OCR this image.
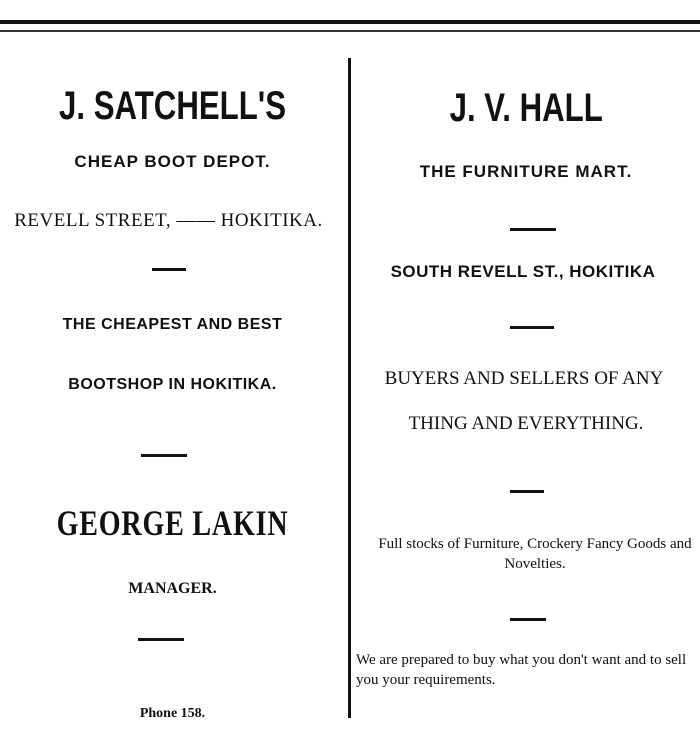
J. SATCHELL'S
CHEAP BOOT DEPOT.
REVELL STREET, —— HOKITIKA.
THE CHEAPEST AND BEST
BOOTSHOP IN HOKITIKA.
GEORGE LAKIN
MANAGER.
Phone 158.
J. V. HALL
THE FURNITURE MART.
SOUTH REVELL ST., HOKITIKA
BUYERS AND SELLERS OF ANY
THING AND EVERYTHING.
Full stocks of Furniture, Crockery Fancy Goods and Novelties.
We are prepared to buy what you don't want and to sell you your requirements.
